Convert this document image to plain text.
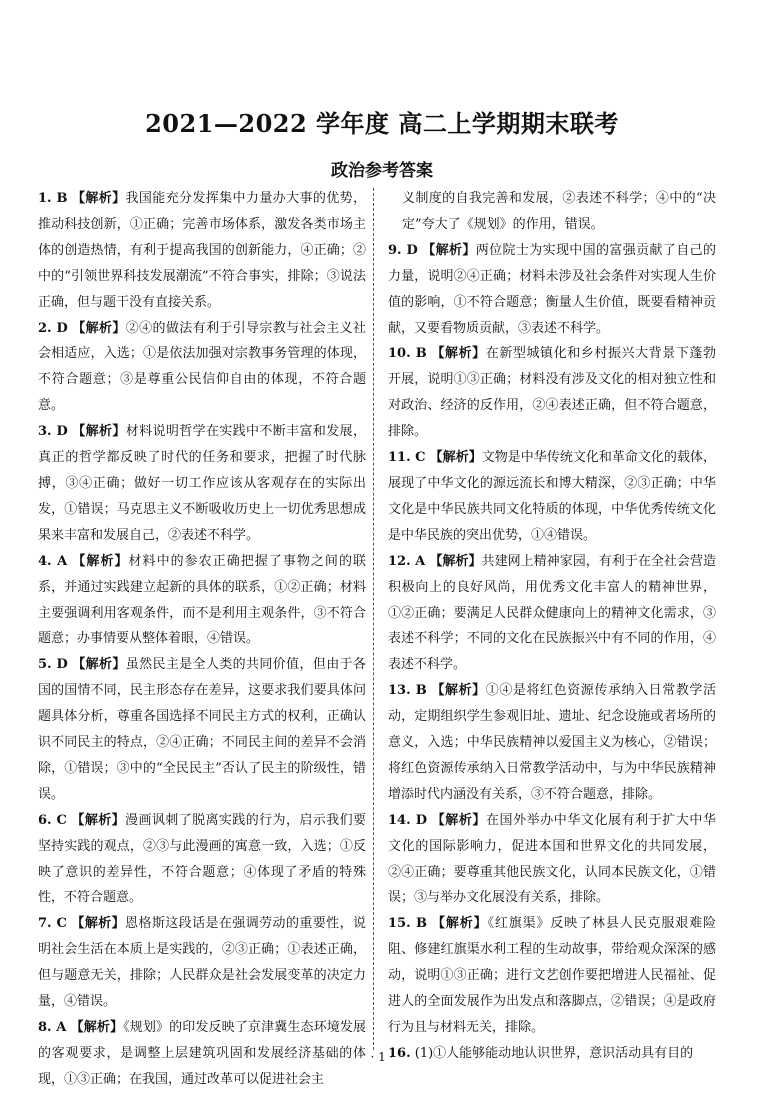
2021—2022 学年度 高二上学期期末联考
政治参考答案

1. B 【解析】我国能充分发挥集中力量办大事的优势，推动科技创新，①正确；完善市场体系，激发各类市场主体的创造热情，有利于提高我国的创新能力，④正确；②中的“引领世界科技发展潮流”不符合事实，排除；③说法正确，但与题干没有直接关系。

2. D 【解析】②④的做法有利于引导宗教与社会主义社会相适应，入选；①是依法加强对宗教事务管理的体现，不符合题意；③是尊重公民信仰自由的体现，不符合题意。

3. D 【解析】材料说明哲学在实践中不断丰富和发展，真正的哲学都反映了时代的任务和要求，把握了时代脉搏，③④正确；做好一切工作应该从客观存在的实际出发，①错误；马克思主义不断吸收历史上一切优秀思想成果来丰富和发展自己，②表述不科学。

4. A 【解析】材料中的参农正确把握了事物之间的联系，并通过实践建立起新的具体的联系，①②正确；材料主要强调利用客观条件，而不是利用主观条件，③不符合题意；办事情要从整体着眼，④错误。

5. D 【解析】虽然民主是全人类的共同价值，但由于各国的国情不同，民主形态存在差异，这要求我们要具体问题具体分析，尊重各国选择不同民主方式的权利，正确认识不同民主的特点，②④正确；不同民主间的差异不会消除，①错误；③中的“全民民主”否认了民主的阶级性，错误。

6. C 【解析】漫画讽刺了脱离实践的行为，启示我们要坚持实践的观点，②③与此漫画的寓意一致，入选；①反映了意识的差异性，不符合题意；④体现了矛盾的特殊性，不符合题意。

7. C 【解析】恩格斯这段话是在强调劳动的重要性，说明社会生活在本质上是实践的，②③正确；①表述正确，但与题意无关，排除；人民群众是社会发展变革的决定力量，④错误。

8. A 【解析】《规划》的印发反映了京津冀生态环境发展的客观要求，是调整上层建筑巩固和发展经济基础的体现，①③正确；在我国，通过改革可以促进社会主

义制度的自我完善和发展，②表述不科学；④中的“决定”夸大了《规划》的作用，错误。

9. D 【解析】两位院士为实现中国的富强贡献了自己的力量，说明②④正确；材料未涉及社会条件对实现人生价值的影响，①不符合题意；衡量人生价值，既要看精神贡献，又要看物质贡献，③表述不科学。

10. B 【解析】在新型城镇化和乡村振兴大背景下蓬勃开展，说明①③正确；材料没有涉及文化的相对独立性和对政治、经济的反作用，②④表述正确，但不符合题意，排除。

11. C 【解析】文物是中华传统文化和革命文化的载体，展现了中华文化的源远流长和博大精深，②③正确；中华文化是中华民族共同文化特质的体现，中华优秀传统文化是中华民族的突出优势，①④错误。

12. A 【解析】共建网上精神家园，有利于在全社会营造积极向上的良好风尚，用优秀文化丰富人的精神世界，①②正确；要满足人民群众健康向上的精神文化需求，③表述不科学；不同的文化在民族振兴中有不同的作用，④表述不科学。

13. B 【解析】①④是将红色资源传承纳入日常教学活动，定期组织学生参观旧址、遗址、纪念设施或者场所的意义，入选；中华民族精神以爱国主义为核心，②错误；将红色资源传承纳入日常教学活动中，与为中华民族精神增添时代内涵没有关系，③不符合题意，排除。

14. D 【解析】在国外举办中华文化展有利于扩大中华文化的国际影响力，促进本国和世界文化的共同发展，②④正确；要尊重其他民族文化，认同本民族文化，①错误；③与举办文化展没有关系，排除。

15. B 【解析】《红旗渠》反映了林县人民克服艰难险阻、修建红旗渠水利工程的生动故事，带给观众深深的感动，说明①③正确；进行文艺创作要把增进人民福祉、促进人的全面发展作为出发点和落脚点，②错误；④是政府行为且与材料无关，排除。

16. (1)①人能够能动地认识世界，意识活动具有目的

· 1 ·
